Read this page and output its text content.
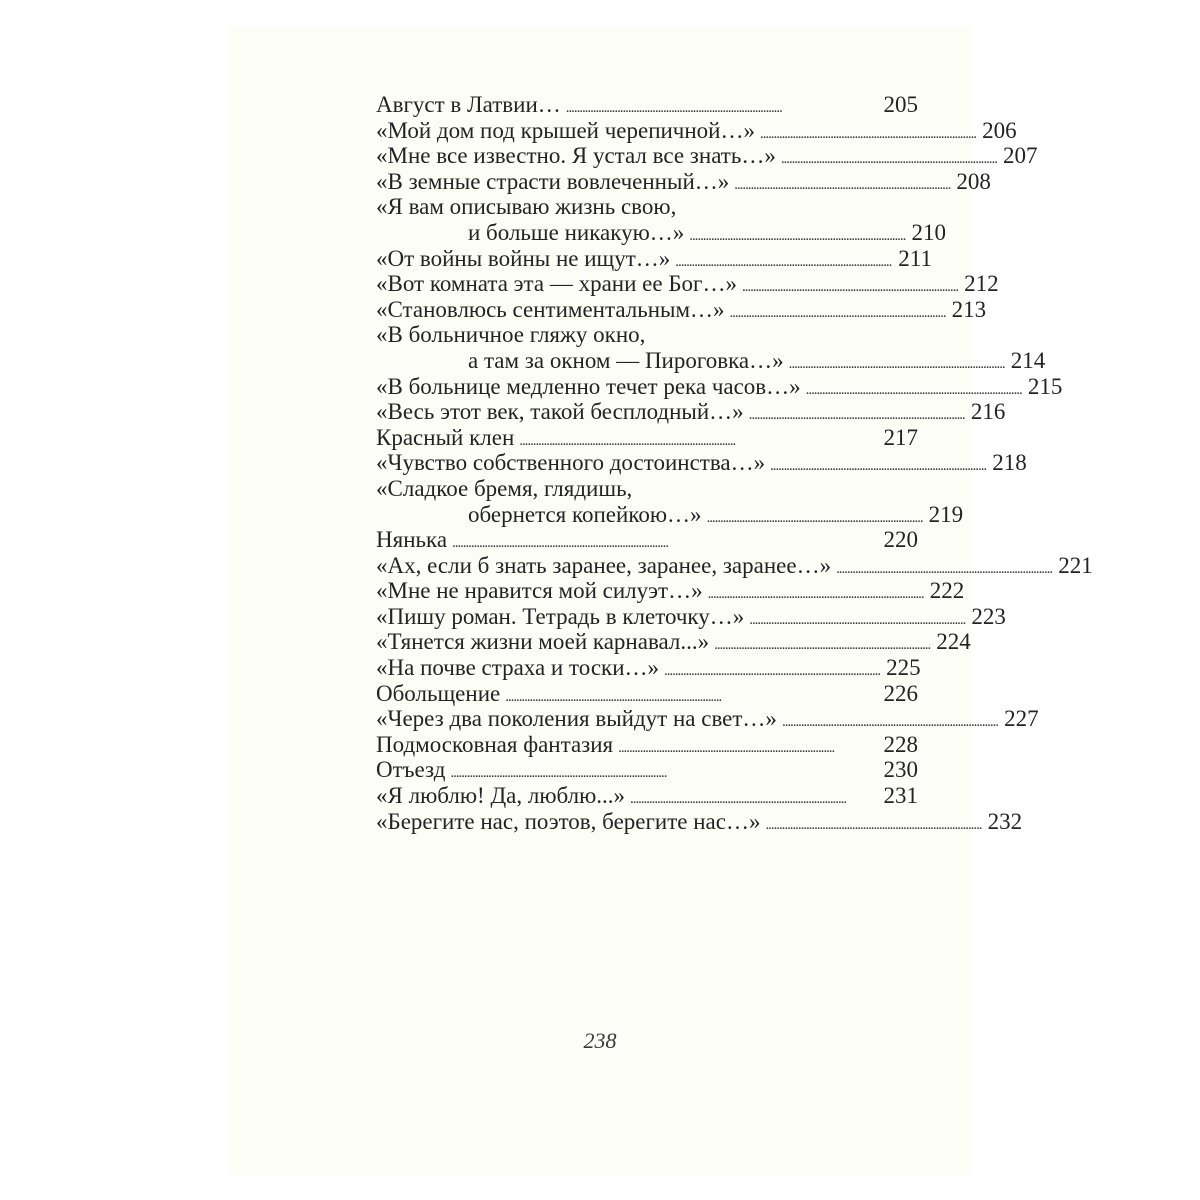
Август в Латвии… . . .	205
«Мой дом под крышей черепичной…» . . .	206
«Мне все известно. Я устал все знать…» . . .	207
«В земные страсти вовлеченный…» . . .	208
«Я вам описываю жизнь свою,
и больше никакую…» . . .	210
«От войны войны не ищут…» . . .	211
«Вот комната эта — храни ее Бог…» . . .	212
«Становлюсь сентиментальным…» . . .	213
«В больничное гляжу окно,
а там за окном — Пироговка…» . . .	214
«В больнице медленно течет река часов…» . . .	215
«Весь этот век, такой бесплодный…» . . .	216
Красный клен . . .	217
«Чувство собственного достоинства…» . . .	218
«Сладкое бремя, глядишь,
обернется копейкою…» . . .	219
Нянька . . .	220
«Ах, если б знать заранее, заранее, заранее…» . . .	221
«Мне не нравится мой силуэт…» . . .	222
«Пишу роман. Тетрадь в клеточку…» . . .	223
«Тянется жизни моей карнавал...» . . .	224
«На почве страха и тоски…» . . .	225
Обольщение . . .	226
«Через два поколения выйдут на свет…» . . .	227
Подмосковная фантазия . . .	228
Отъезд . . .	230
«Я люблю! Да, люблю...» . . .	231
«Берегите нас, поэтов, берегите нас…» . . .	232
238
